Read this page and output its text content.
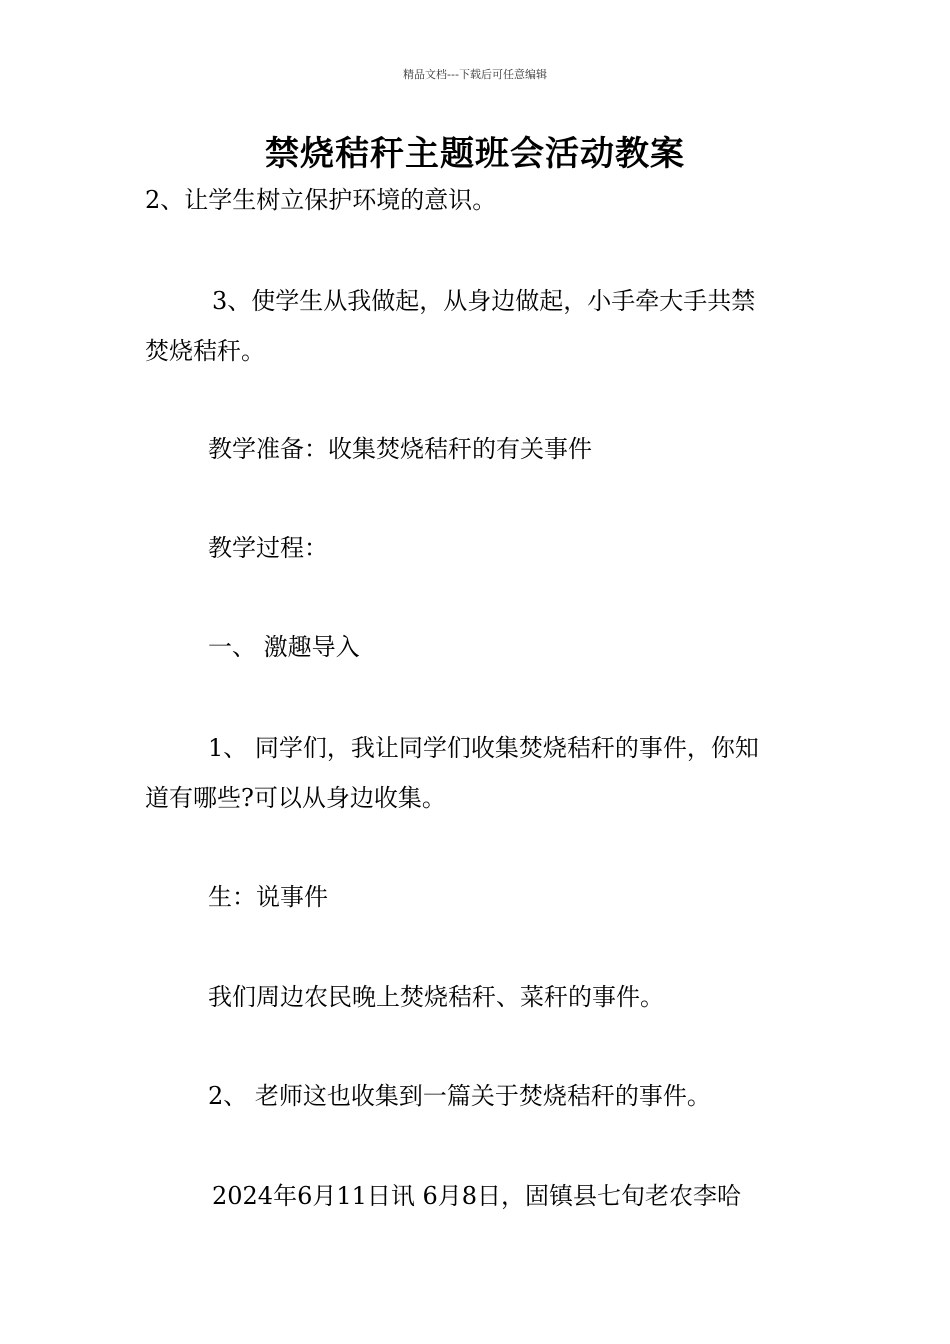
精品文档---下载后可任意编辑
禁烧秸秆主题班会活动教案
2、让学生树立保护环境的意识。
3、使学生从我做起，从身边做起，小手牵大手共禁
焚烧秸秆。
教学准备：收集焚烧秸秆的有关事件
教学过程：
一、 激趣导入
1、 同学们，我让同学们收集焚烧秸秆的事件，你知
道有哪些?可以从身边收集。
生：说事件
我们周边农民晚上焚烧秸秆、菜秆的事件。
2、 老师这也收集到一篇关于焚烧秸秆的事件。
2024年6月11日讯 6月8日，固镇县七旬老农李哈
